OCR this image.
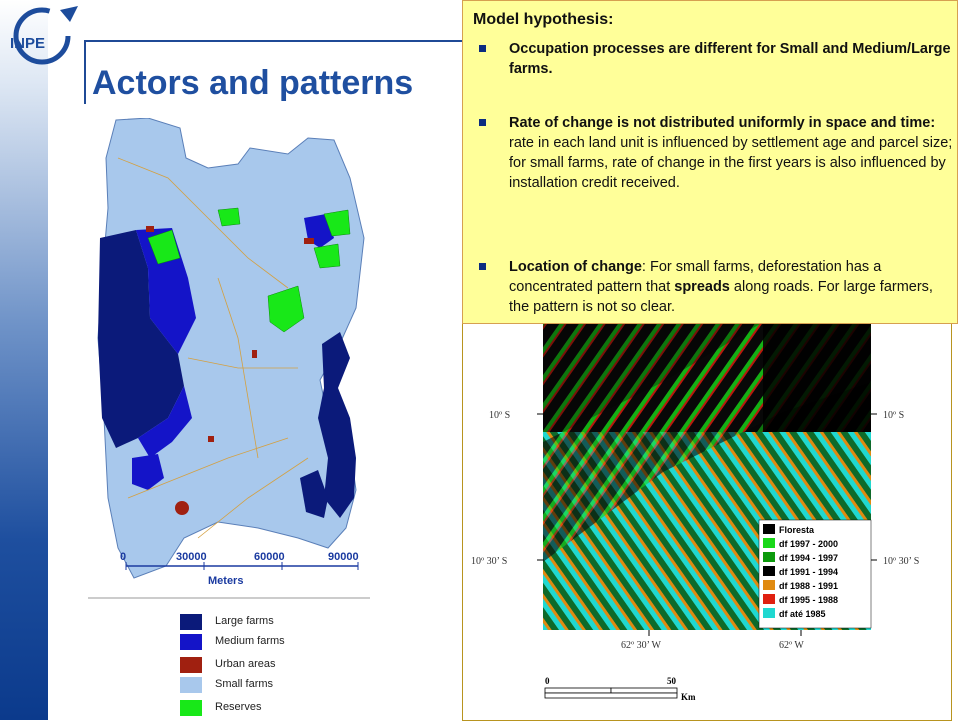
INPE
Actors and patterns
0	30000	60000	90000
Meters
Large farms
Medium farms
Urban areas
Small farms
Reserves
Floresta
df 1997 - 2000
df 1994 - 1997
df 1991 - 1994
df 1988 - 1991
df 1995 - 1988
df até 1985
10º S	10º S
10º 30’ S	10º 30’ S
62º 30’ W	62º W
0	50
Km
Model hypothesis:
Occupation processes are different for Small and Medium/Large farms.
Rate of change is not distributed uniformly in space and time: rate in each land unit is influenced by settlement age and parcel size; for small farms, rate of change in the first years is also influenced by installation credit received.
Location of change: For small farms, deforestation has a concentrated pattern that spreads along roads. For large farmers, the pattern is not so clear.
